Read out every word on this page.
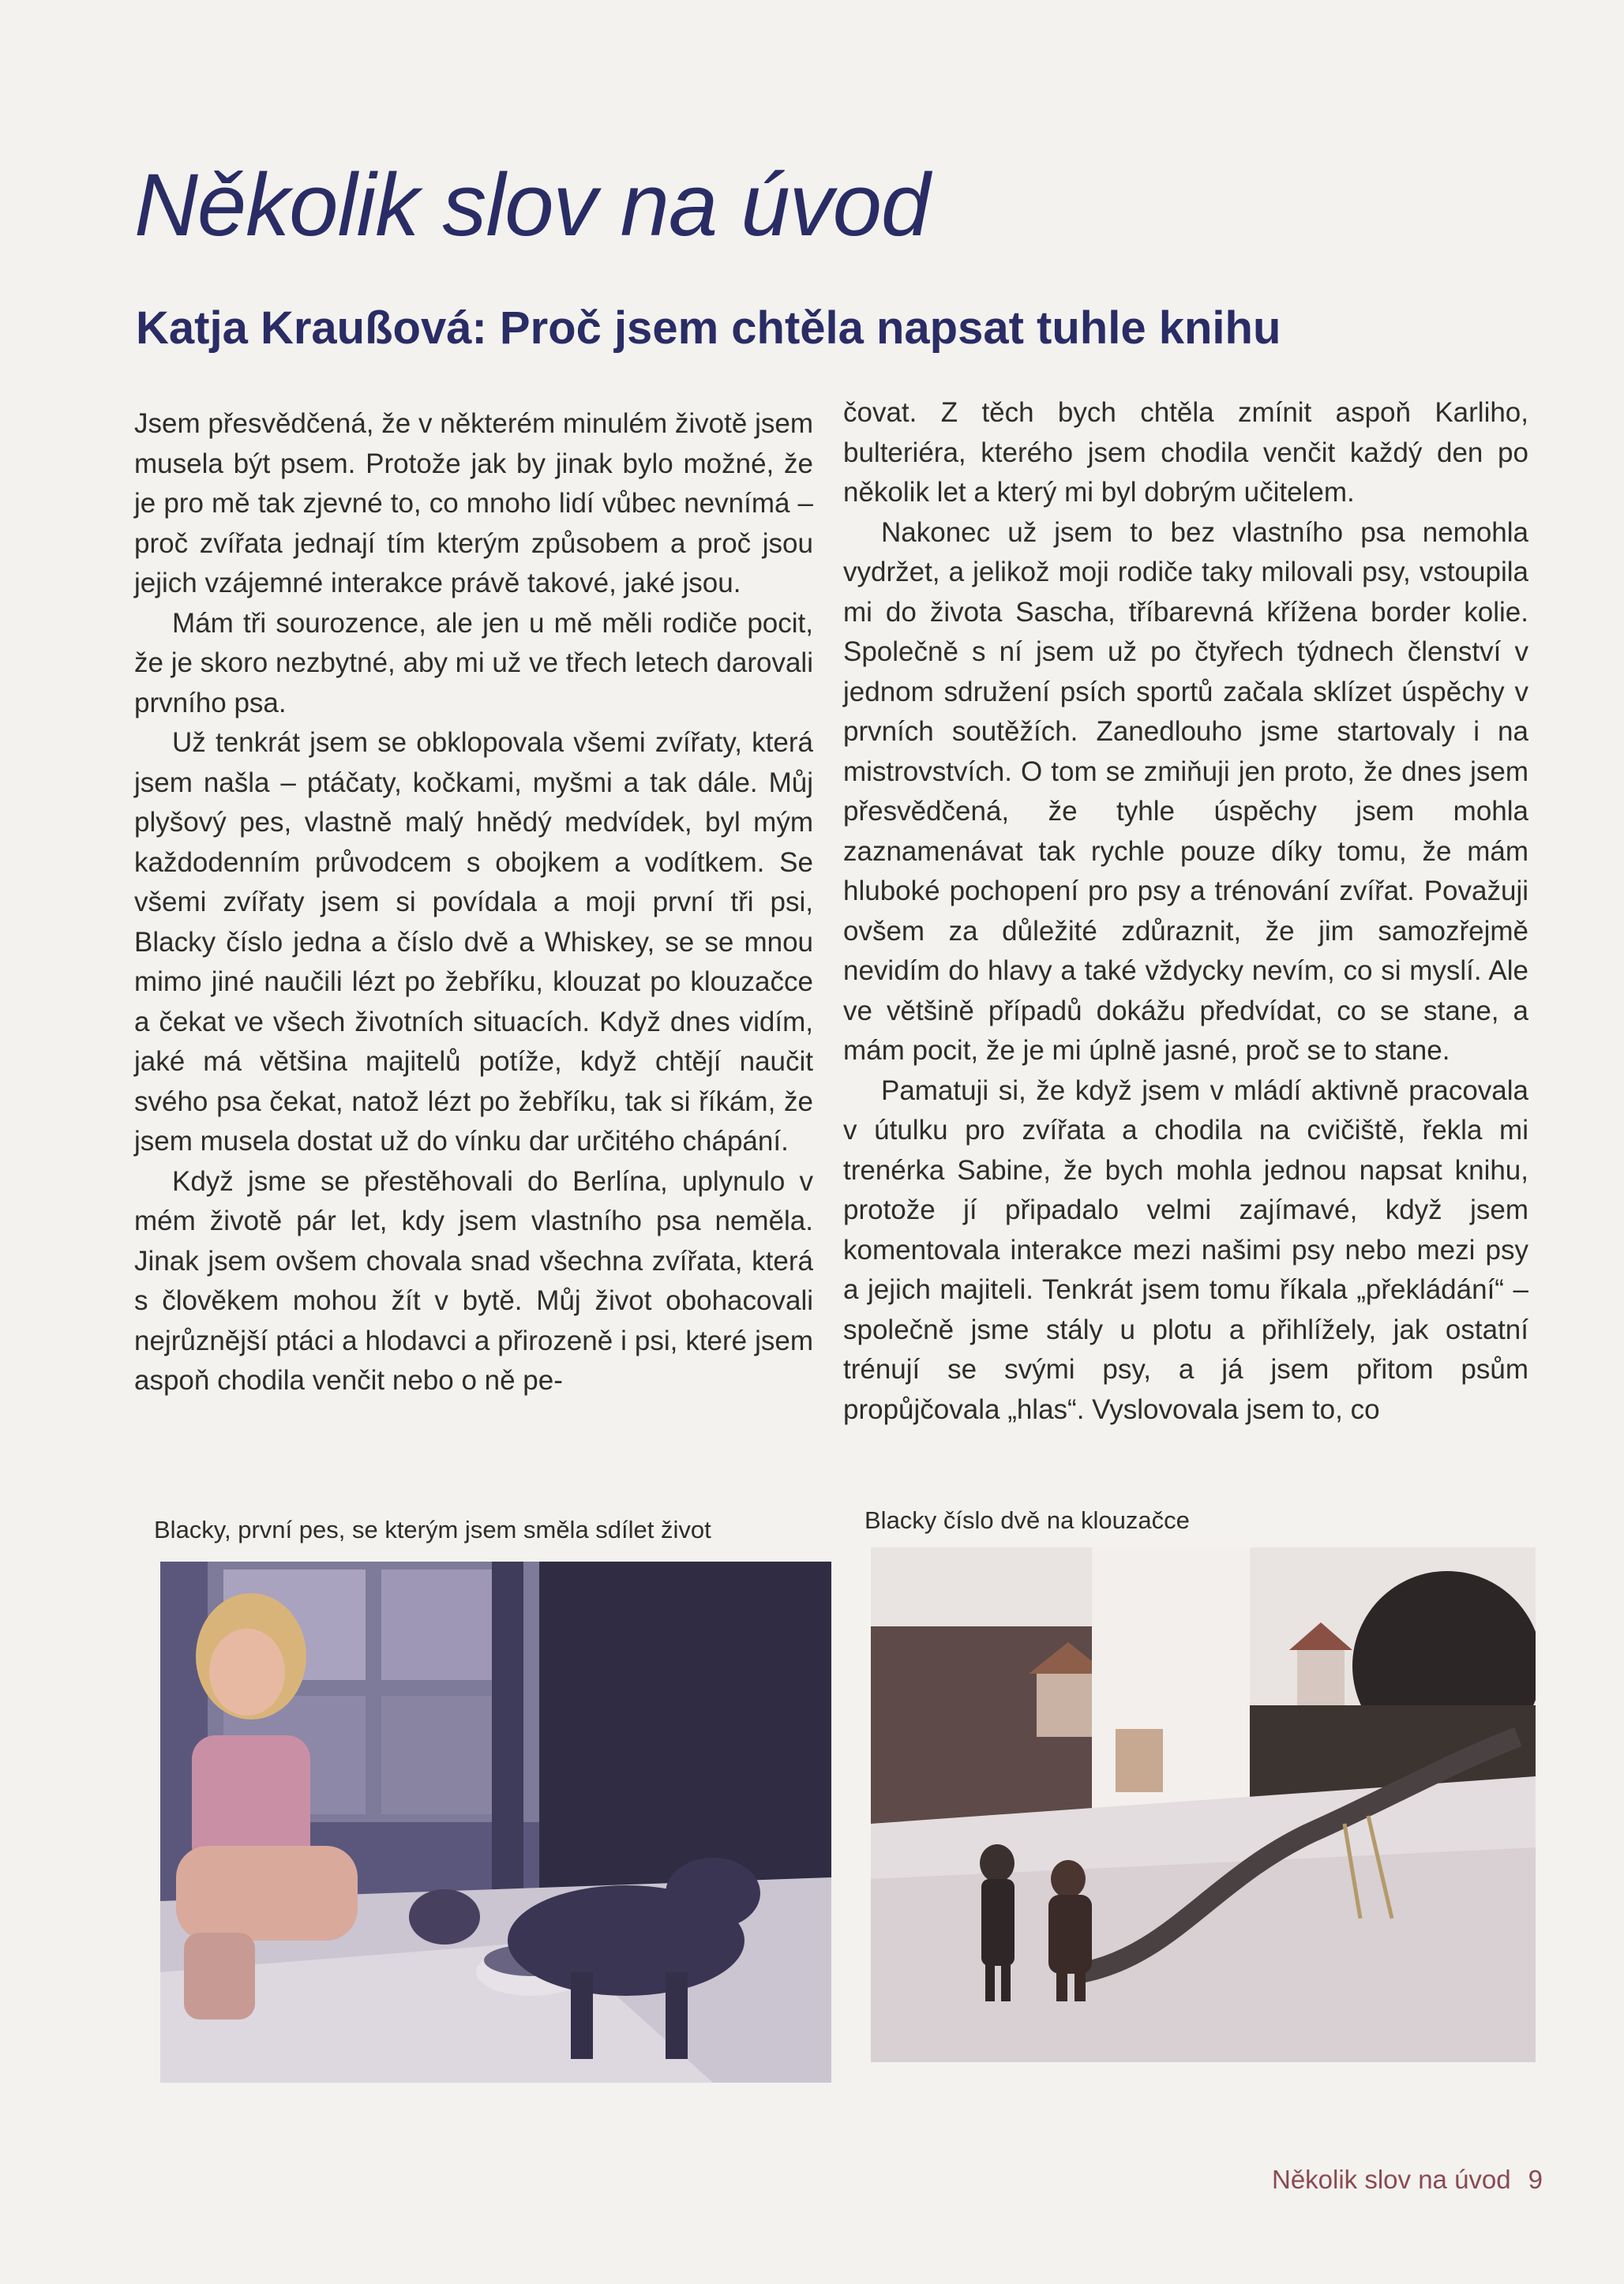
Několik slov na úvod
Katja Kraußová: Proč jsem chtěla napsat tuhle knihu

Jsem přesvědčená, že v některém minulém životě jsem musela být psem. Protože jak by jinak bylo možné, že je pro mě tak zjevné to, co mnoho lidí vůbec nevnímá – proč zvířata jednají tím kterým způsobem a proč jsou jejich vzájemné interakce právě takové, jaké jsou.

Mám tři sourozence, ale jen u mě měli rodiče pocit, že je skoro nezbytné, aby mi už ve třech letech darovali prvního psa.

Už tenkrát jsem se obklopovala všemi zvířaty, která jsem našla – ptáčaty, kočkami, myšmi a tak dále. Můj plyšový pes, vlastně malý hnědý medvídek, byl mým každodenním průvodcem s obojkem a vodítkem. Se všemi zvířaty jsem si povídala a moji první tři psi, Blacky číslo jedna a číslo dvě a Whiskey, se se mnou mimo jiné naučili lézt po žebříku, klouzat po klouzačce a čekat ve všech životních situacích. Když dnes vidím, jaké má většina majitelů potíže, když chtějí naučit svého psa čekat, natož lézt po žebříku, tak si říkám, že jsem musela dostat už do vínku dar určitého chápání.

Když jsme se přestěhovali do Berlína, uplynulo v mém životě pár let, kdy jsem vlastního psa neměla. Jinak jsem ovšem chovala snad všechna zvířata, která s člověkem mohou žít v bytě. Můj život obohacovali nejrůznější ptáci a hlodavci a přirozeně i psi, které jsem aspoň chodila venčit nebo o ně pe-

čovat. Z těch bych chtěla zmínit aspoň Karliho, bulteriéra, kterého jsem chodila venčit každý den po několik let a který mi byl dobrým učitelem.

Nakonec už jsem to bez vlastního psa nemohla vydržet, a jelikož moji rodiče taky milovali psy, vstoupila mi do života Sascha, tříbarevná křížena border kolie. Společně s ní jsem už po čtyřech týdnech členství v jednom sdružení psích sportů začala sklízet úspěchy v prvních soutěžích. Zanedlouho jsme startovaly i na mistrovstvích. O tom se zmiňuji jen proto, že dnes jsem přesvědčená, že tyhle úspěchy jsem mohla zaznamenávat tak rychle pouze díky tomu, že mám hluboké pochopení pro psy a trénování zvířat. Považuji ovšem za důležité zdůraznit, že jim samozřejmě nevidím do hlavy a také vždycky nevím, co si myslí. Ale ve většině případů dokážu předvídat, co se stane, a mám pocit, že je mi úplně jasné, proč se to stane.

Pamatuji si, že když jsem v mládí aktivně pracovala v útulku pro zvířata a chodila na cvičiště, řekla mi trenérka Sabine, že bych mohla jednou napsat knihu, protože jí připadalo velmi zajímavé, když jsem komentovala interakce mezi našimi psy nebo mezi psy a jejich majiteli. Tenkrát jsem tomu říkala „překládání“ – společně jsme stály u plotu a přihlížely, jak ostatní trénují se svými psy, a já jsem přitom psům propůjčovala „hlas“. Vyslovovala jsem to, co

Blacky, první pes, se kterým jsem směla sdílet život	Blacky číslo dvě na klouzačce

Několik slov na úvod 9
